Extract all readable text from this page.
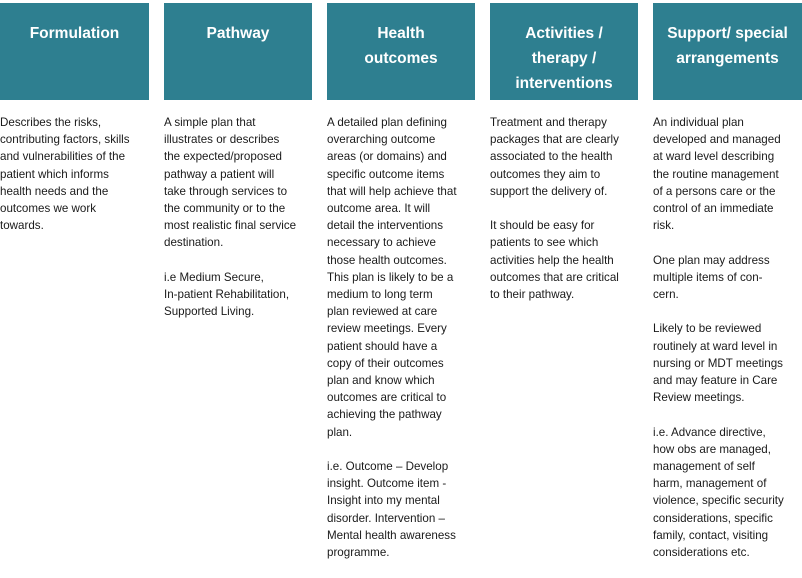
Formulation

Describes the risks,
contributing factors, skills
and vulnerabilities of the
patient which informs
health needs and the
outcomes we work
towards.

Pathway

A simple plan that
illustrates or describes
the expected/proposed
pathway a patient will
take through services to
the community or to the
most realistic final service
destination.

i.e Medium Secure,
In-patient Rehabilitation,
Supported Living.

Health
outcomes

A detailed plan defining
overarching outcome
areas (or domains) and
specific outcome items
that will help achieve that
outcome area. It will
detail the interventions
necessary to achieve
those health outcomes.
This plan is likely to be a
medium to long term
plan reviewed at care
review meetings. Every
patient should have a
copy of their outcomes
plan and know which
outcomes are critical to
achieving the pathway
plan.

i.e. Outcome – Develop
insight. Outcome item -
Insight into my mental
disorder. Intervention –
Mental health awareness
programme.

Activities /
therapy /
interventions

Treatment and therapy
packages that are clearly
associated to the health
outcomes they aim to
support the delivery of.

It should be easy for
patients to see which
activities help the health
outcomes that are critical
to their pathway.

Support/ special
arrangements

An individual plan
developed and managed
at ward level describing
the routine management
of a persons care or the
control of an immediate
risk.

One plan may address
multiple items of con-
cern.

Likely to be reviewed
routinely at ward level in
nursing or MDT meetings
and may feature in Care
Review meetings.

i.e. Advance directive,
how obs are managed,
management of self
harm, management of
violence, specific security
considerations, specific
family, contact, visiting
considerations etc.
